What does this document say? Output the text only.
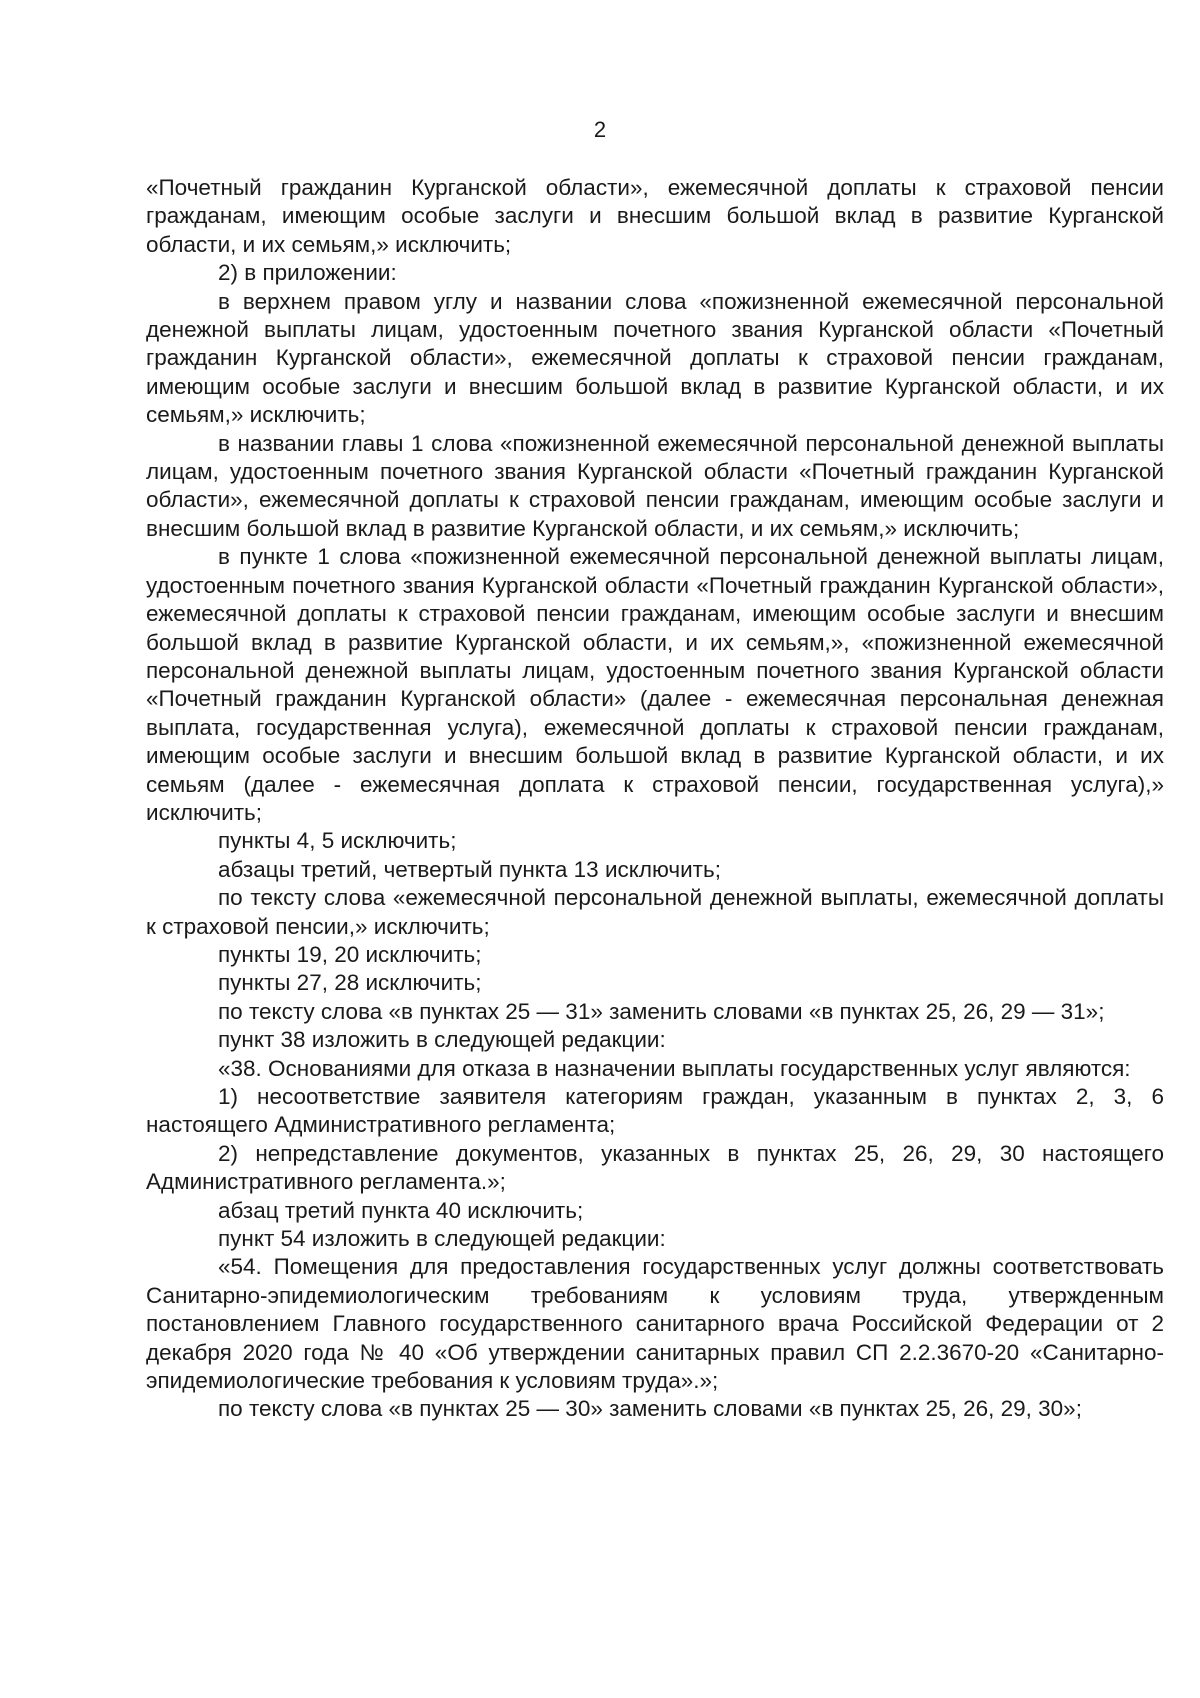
2

«Почетный гражданин Курганской области», ежемесячной доплаты к страховой пенсии гражданам, имеющим особые заслуги и внесшим большой вклад в развитие Курганской области, и их семьям,» исключить;

2) в приложении:

в верхнем правом углу и названии слова «пожизненной ежемесячной персональной денежной выплаты лицам, удостоенным почетного звания Курганской области «Почетный гражданин Курганской области», ежемесячной доплаты к страховой пенсии гражданам, имеющим особые заслуги и внесшим большой вклад в развитие Курганской области, и их семьям,» исключить;

в названии главы 1 слова «пожизненной ежемесячной персональной денежной выплаты лицам, удостоенным почетного звания Курганской области «Почетный гражданин Курганской области», ежемесячной доплаты к страховой пенсии гражданам, имеющим особые заслуги и внесшим большой вклад в развитие Курганской области, и их семьям,» исключить;

в пункте 1 слова «пожизненной ежемесячной персональной денежной выплаты лицам, удостоенным почетного звания Курганской области «Почетный гражданин Курганской области», ежемесячной доплаты к страховой пенсии гражданам, имеющим особые заслуги и внесшим большой вклад в развитие Курганской области, и их семьям,», «пожизненной ежемесячной персональной денежной выплаты лицам, удостоенным почетного звания Курганской области «Почетный гражданин Курганской области» (далее - ежемесячная персональная денежная выплата, государственная услуга), ежемесячной доплаты к страховой пенсии гражданам, имеющим особые заслуги и внесшим большой вклад в развитие Курганской области, и их семьям (далее - ежемесячная доплата к страховой пенсии, государственная услуга),» исключить;

пункты 4, 5 исключить;

абзацы третий, четвертый пункта 13 исключить;

по тексту слова «ежемесячной персональной денежной выплаты, ежемесячной доплаты к страховой пенсии,» исключить;

пункты 19, 20 исключить;

пункты 27, 28 исключить;

по тексту слова «в пунктах 25 — 31» заменить словами «в пунктах 25, 26, 29 — 31»;

пункт 38 изложить в следующей редакции:

«38. Основаниями для отказа в назначении выплаты государственных услуг являются:

1) несоответствие заявителя категориям граждан, указанным в пунктах 2, 3, 6 настоящего Административного регламента;

2) непредставление документов, указанных в пунктах 25, 26, 29, 30 настоящего Административного регламента.»;

абзац третий пункта 40 исключить;

пункт 54 изложить в следующей редакции:

«54. Помещения для предоставления государственных услуг должны соответствовать Санитарно-эпидемиологическим требованиям к условиям труда, утвержденным постановлением Главного государственного санитарного врача Российской Федерации от 2 декабря 2020 года № 40 «Об утверждении санитарных правил СП 2.2.3670-20 «Санитарно-эпидемиологические требования к условиям труда».»;

по тексту слова «в пунктах 25 — 30» заменить словами «в пунктах 25, 26, 29, 30»;
